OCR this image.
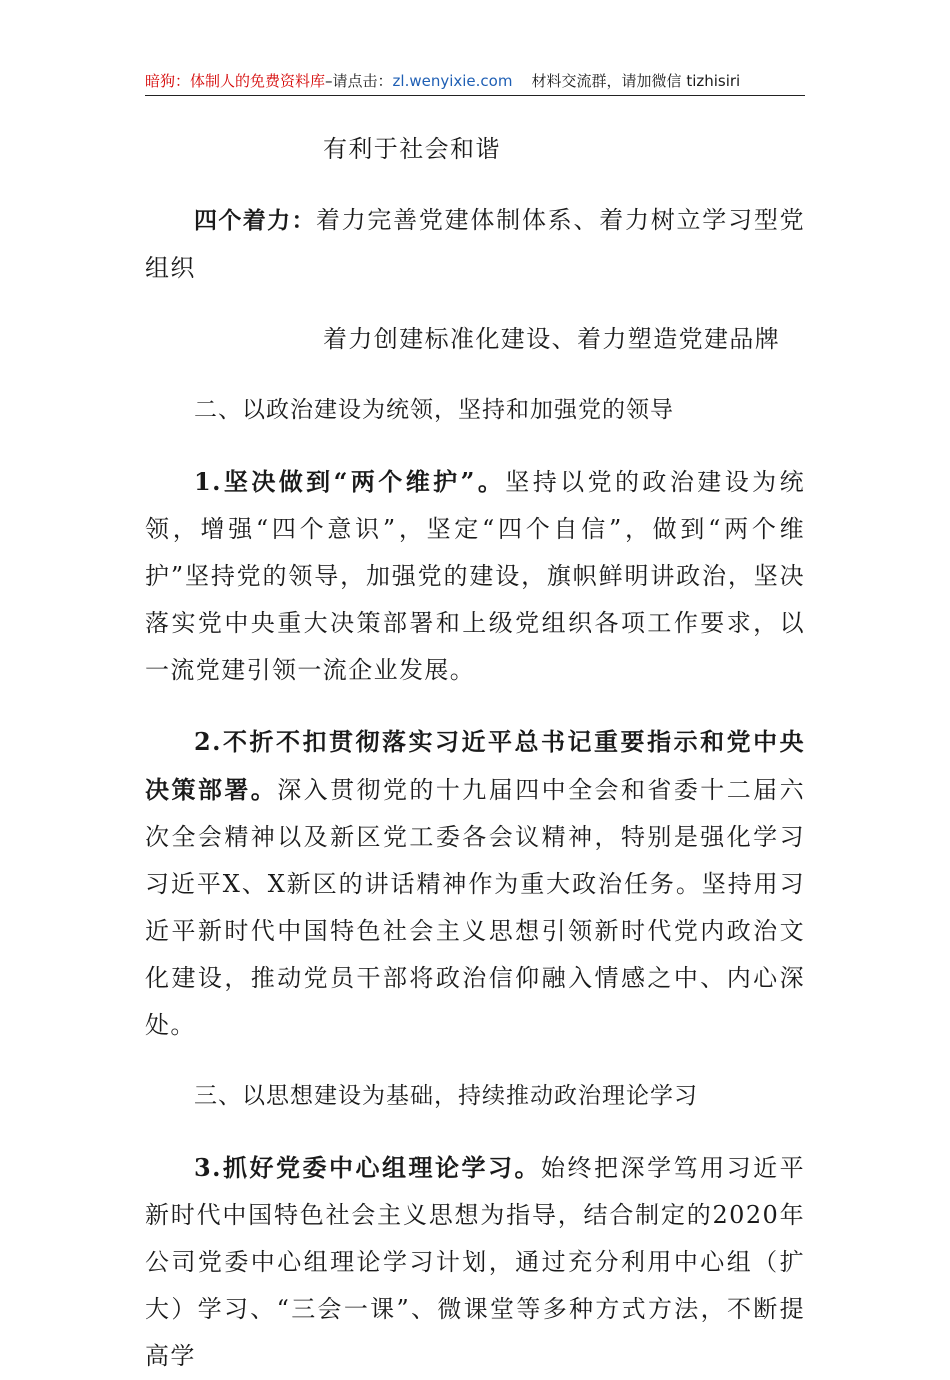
暗狗：体制人的免费资料库–请点击：zl.wenyixie.com 材料交流群，请加微信 tizhisiri

有利于社会和谐

四个着力：着力完善党建体制体系、着力树立学习型党组织

着力创建标准化建设、着力塑造党建品牌

二、以政治建设为统领，坚持和加强党的领导

1.坚决做到“两个维护”。坚持以党的政治建设为统领，增强“四个意识”，坚定“四个自信”，做到“两个维护”坚持党的领导，加强党的建设，旗帜鲜明讲政治，坚决落实党中央重大决策部署和上级党组织各项工作要求，以一流党建引领一流企业发展。

2.不折不扣贯彻落实习近平总书记重要指示和党中央决策部署。深入贯彻党的十九届四中全会和省委十二届六次全会精神以及新区党工委各会议精神，特别是强化学习习近平X、X新区的讲话精神作为重大政治任务。坚持用习近平新时代中国特色社会主义思想引领新时代党内政治文化建设，推动党员干部将政治信仰融入情感之中、内心深处。

三、以思想建设为基础，持续推动政治理论学习

3.抓好党委中心组理论学习。始终把深学笃用习近平新时代中国特色社会主义思想为指导，结合制定的2020年公司党委中心组理论学习计划，通过充分利用中心组（扩大）学习、“三会一课”、微课堂等多种方式方法，不断提高学
